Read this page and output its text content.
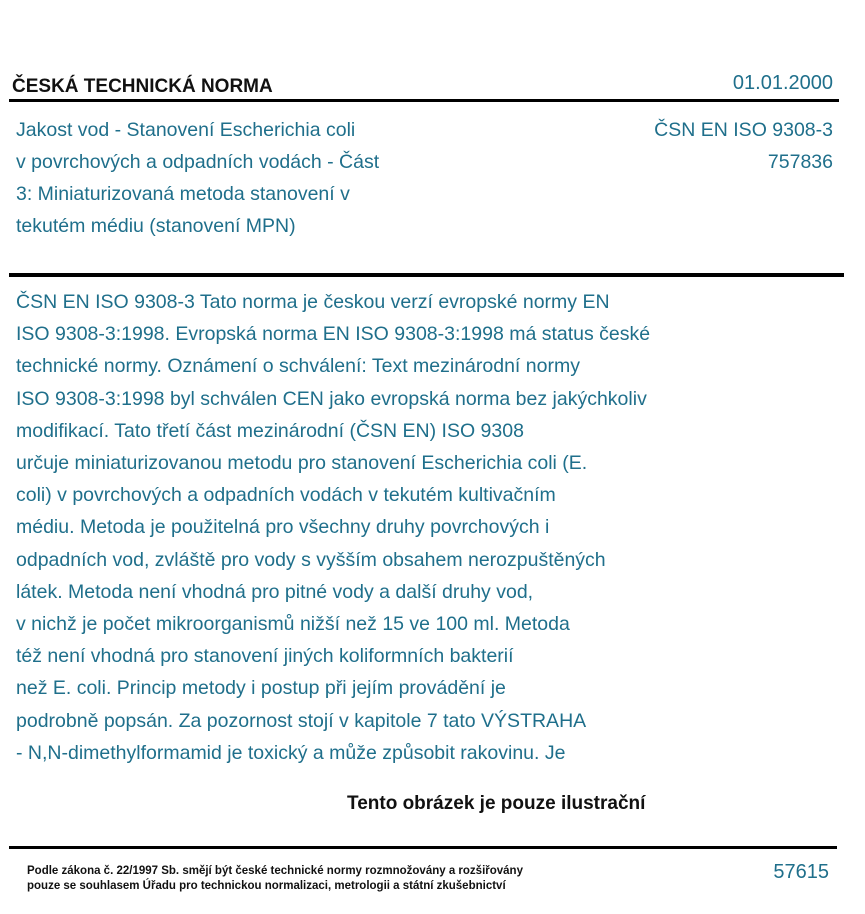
ČESKÁ TECHNICKÁ NORMA	01.01.2000
Jakost vod - Stanovení Escherichia coli
v povrchových a odpadních vodách - Část
3: Miniaturizovaná metoda stanovení v
tekutém médiu (stanovení MPN)
ČSN EN ISO 9308-3
757836
ČSN EN ISO 9308-3 Tato norma je českou verzí evropské normy EN
ISO 9308-3:1998. Evropská norma EN ISO 9308-3:1998 má status české
technické normy. Oznámení o schválení: Text mezinárodní normy
ISO 9308-3:1998 byl schválen CEN jako evropská norma bez jakýchkoliv
modifikací. Tato třetí část mezinárodní (ČSN EN) ISO 9308
určuje miniaturizovanou metodu pro stanovení Escherichia coli (E.
coli) v povrchových a odpadních vodách v tekutém kultivačním
médiu. Metoda je použitelná pro všechny druhy povrchových i
odpadních vod, zvláště pro vody s vyšším obsahem nerozpuštěných
látek. Metoda není vhodná pro pitné vody a další druhy vod,
v nichž je počet mikroorganismů nižší než 15 ve 100 ml. Metoda
též není vhodná pro stanovení jiných koliformních bakterií
než E. coli. Princip metody i postup při jejím provádění je
podrobně popsán. Za pozornost stojí v kapitole 7 tato VÝSTRAHA
- N,N-dimethylformamid je toxický a může způsobit rakovinu. Je
Tento obrázek je pouze ilustrační
Podle zákona č. 22/1997 Sb. smějí být české technické normy rozmnožovány a rozšiřovány
pouze se souhlasem Úřadu pro technickou normalizaci, metrologii a státní zkušebnictví
57615
